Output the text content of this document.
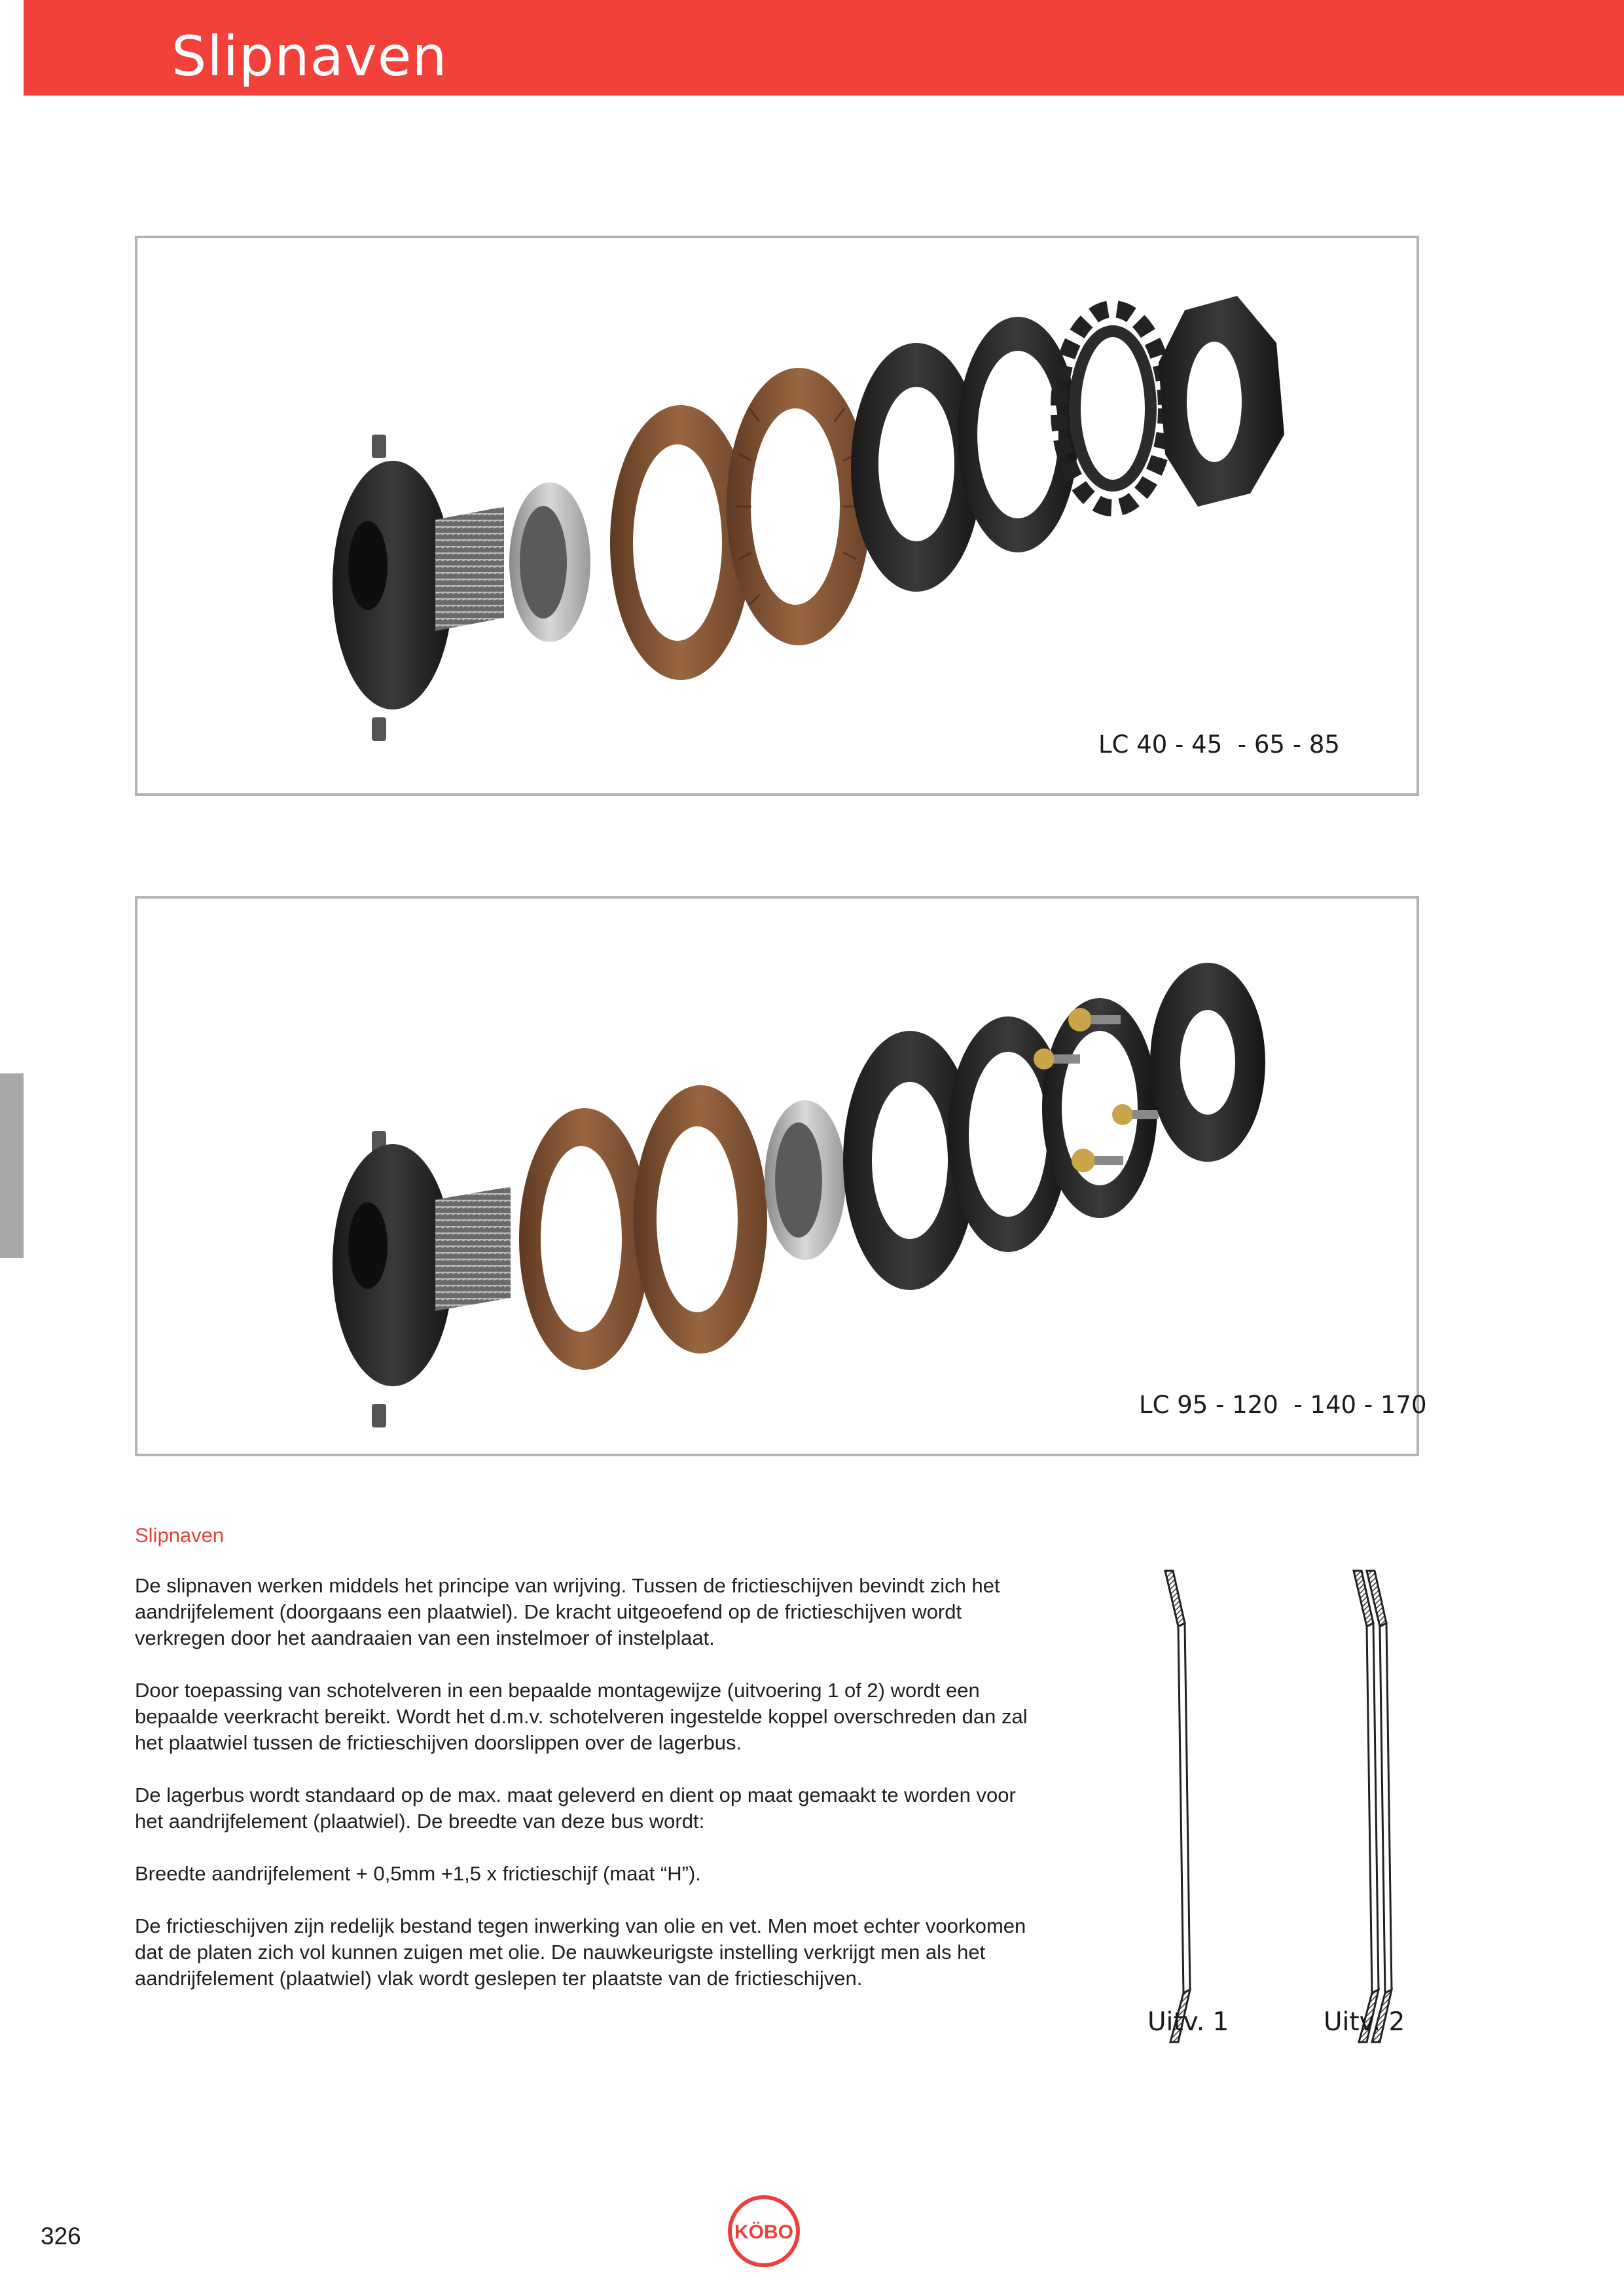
Slipnaven
LC 40 - 45  - 65 - 85
LC 95 - 120  - 140 - 170
Slipnaven

De slipnaven werken middels het principe van wrijving. Tussen de frictieschijven bevindt zich het aandrijfelement (doorgaans een plaatwiel). De kracht uitgeoefend op de frictieschijven wordt verkregen door het aandraaien van een instelmoer of instelplaat.

Door toepassing van schotelveren in een bepaalde montagewijze (uitvoering 1 of 2) wordt een bepaalde veerkracht bereikt. Wordt het d.m.v. schotelveren ingestelde koppel overschreden dan zal het plaatwiel tussen de frictieschijven doorslippen over de lagerbus.

De lagerbus wordt standaard op de max. maat geleverd en dient op maat gemaakt te worden voor het aandrijfelement (plaatwiel). De breedte van deze bus wordt:

Breedte aandrijfelement + 0,5mm +1,5 x frictieschijf (maat “H”).

De frictieschijven zijn redelijk bestand tegen inwerking van olie en vet. Men moet echter voorkomen dat de platen zich vol kunnen zuigen met olie. De nauwkeurigste instelling verkrijgt men als het aandrijfelement (plaatwiel) vlak wordt geslepen ter plaatste van de frictieschijven.

Uitv. 1	Uitv. 2
326	KÖBO
